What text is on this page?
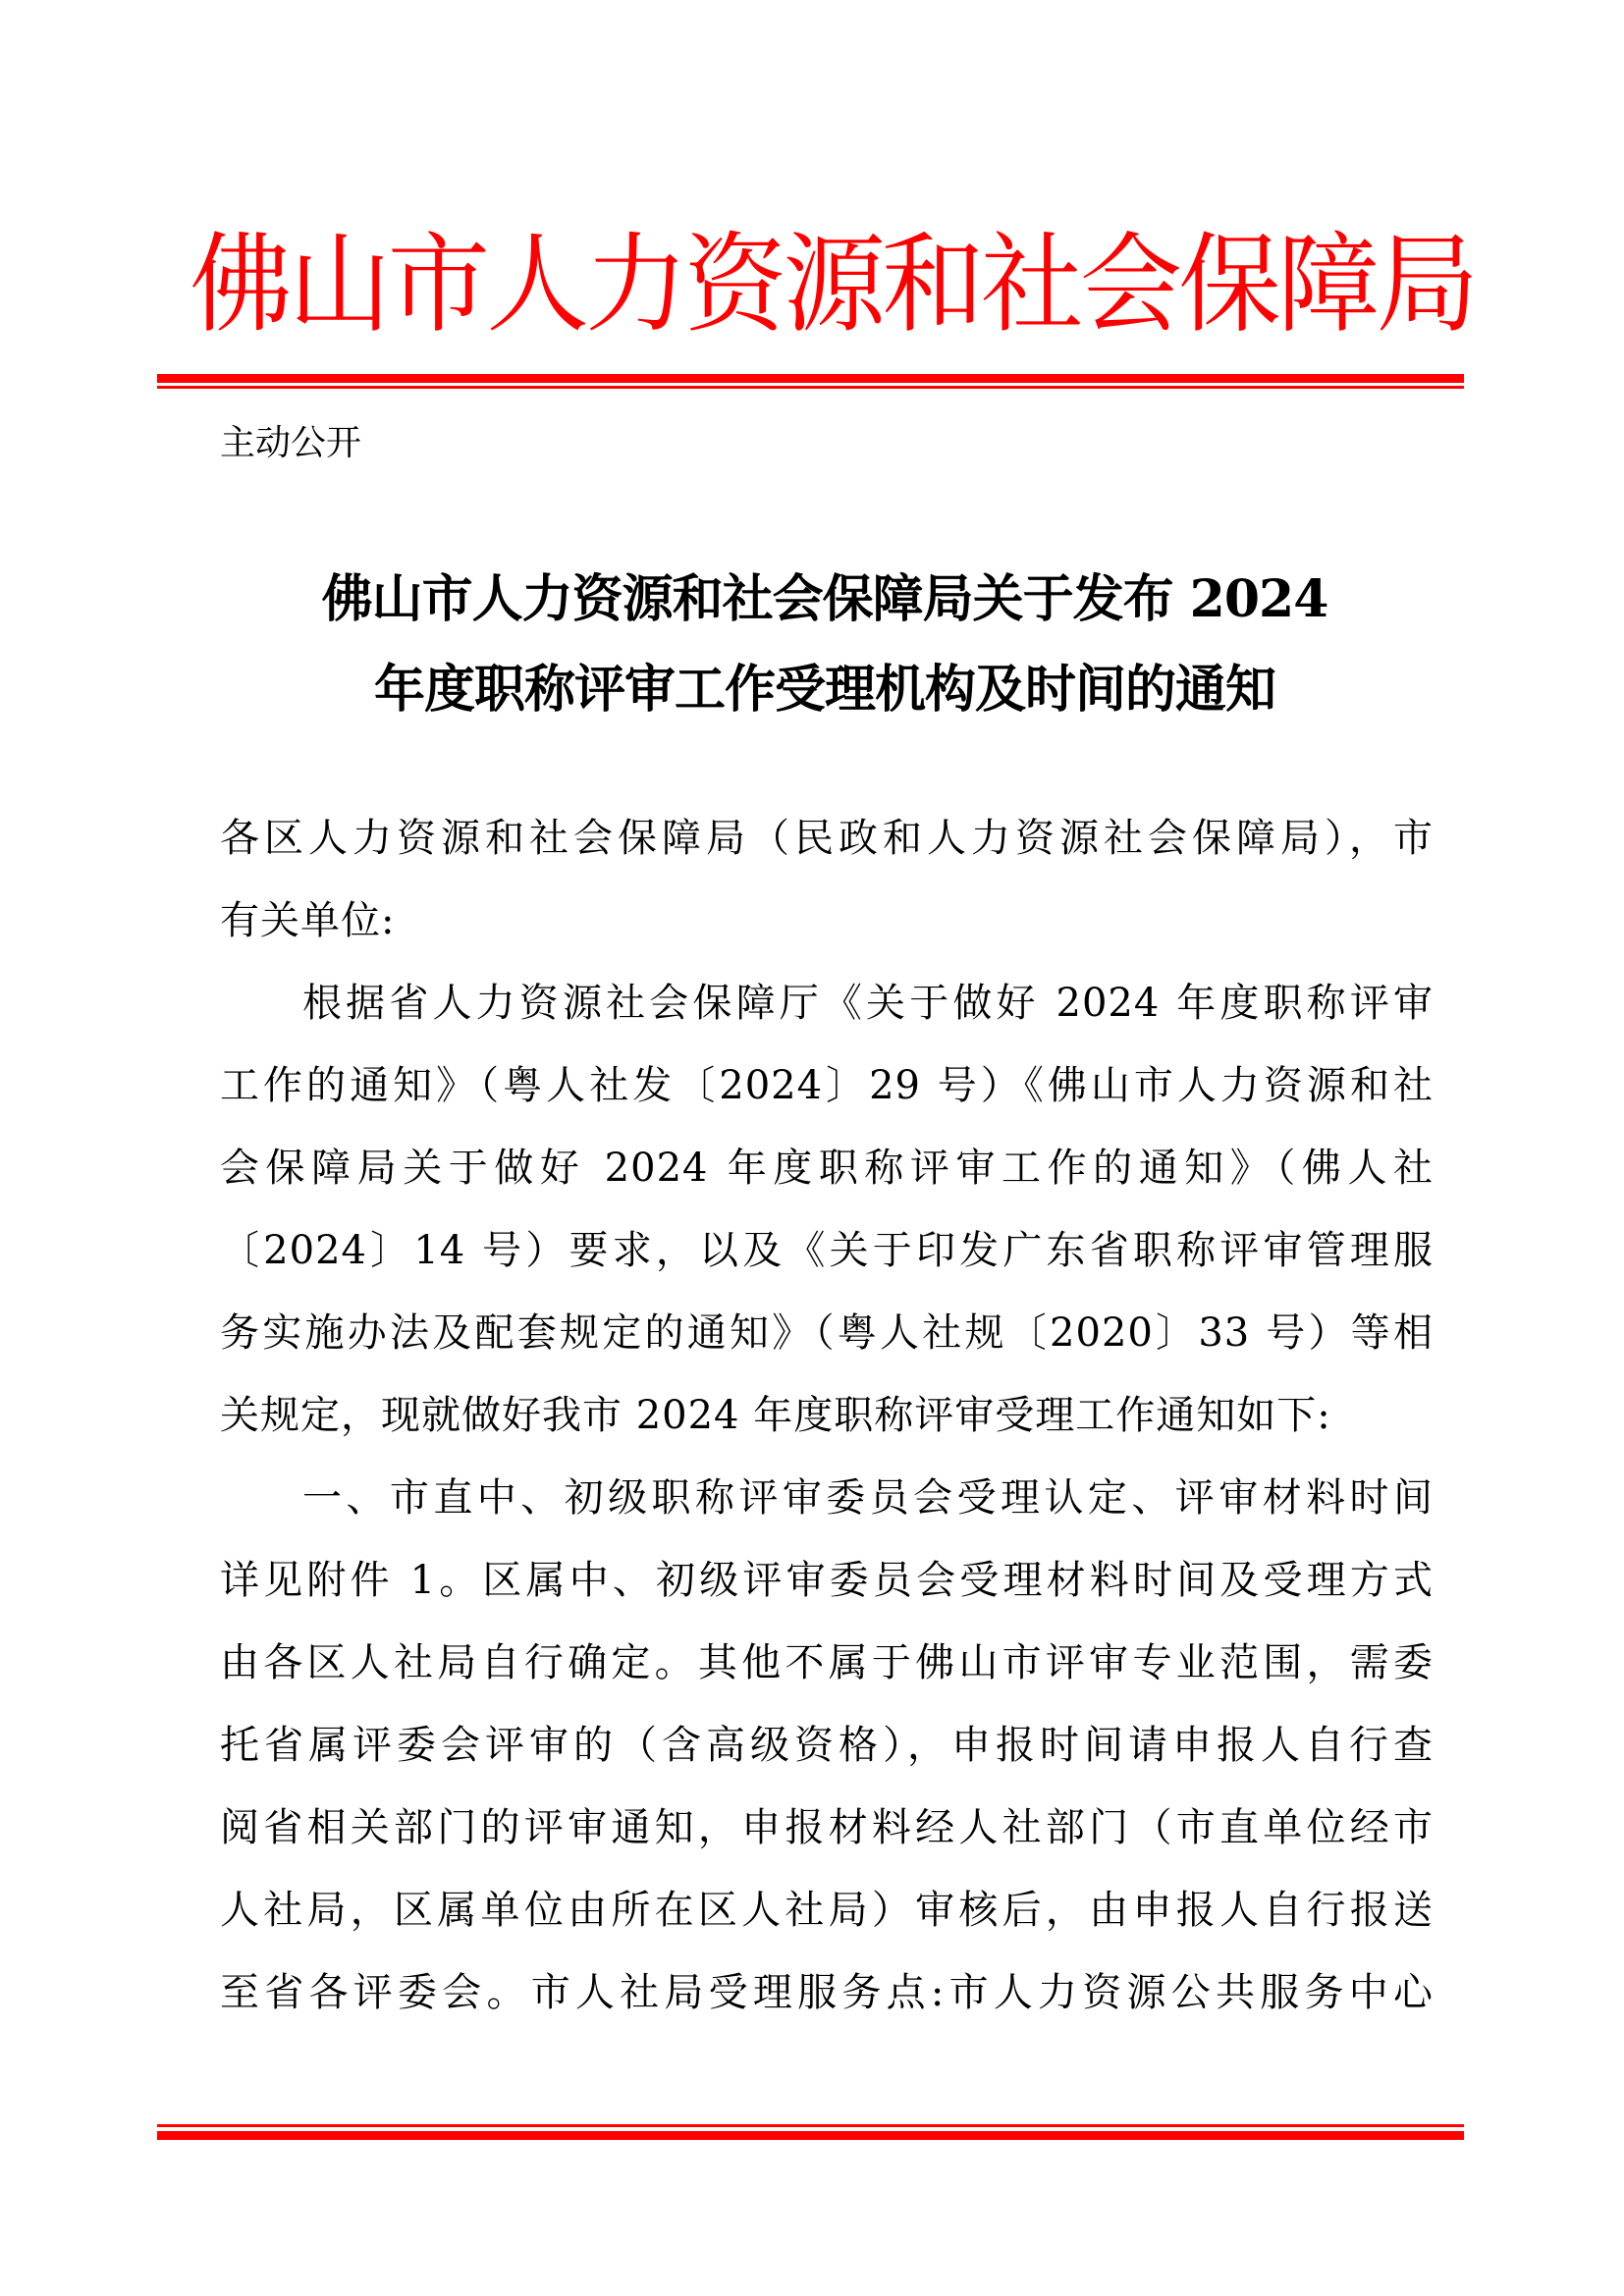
佛山市人力资源和社会保障局
主动公开
佛山市人力资源和社会保障局关于发布 2024
年度职称评审工作受理机构及时间的通知
各区人力资源和社会保障局（民政和人力资源社会保障局），市
有关单位:
根据省人力资源社会保障厅《关于做好 2024 年度职称评审
工作的通知》（粤人社发〔2024〕29 号）《佛山市人力资源和社
会保障局关于做好 2024 年度职称评审工作的通知》（佛人社
〔2024〕14 号）要求，以及《关于印发广东省职称评审管理服
务实施办法及配套规定的通知》（粤人社规〔2020〕33 号）等相
关规定，现就做好我市 2024 年度职称评审受理工作通知如下:
一、市直中、初级职称评审委员会受理认定、评审材料时间
详见附件 1。区属中、初级评审委员会受理材料时间及受理方式
由各区人社局自行确定。其他不属于佛山市评审专业范围，需委
托省属评委会评审的（含高级资格），申报时间请申报人自行查
阅省相关部门的评审通知，申报材料经人社部门（市直单位经市
人社局，区属单位由所在区人社局）审核后，由申报人自行报送
至省各评委会。市人社局受理服务点:市人力资源公共服务中心
